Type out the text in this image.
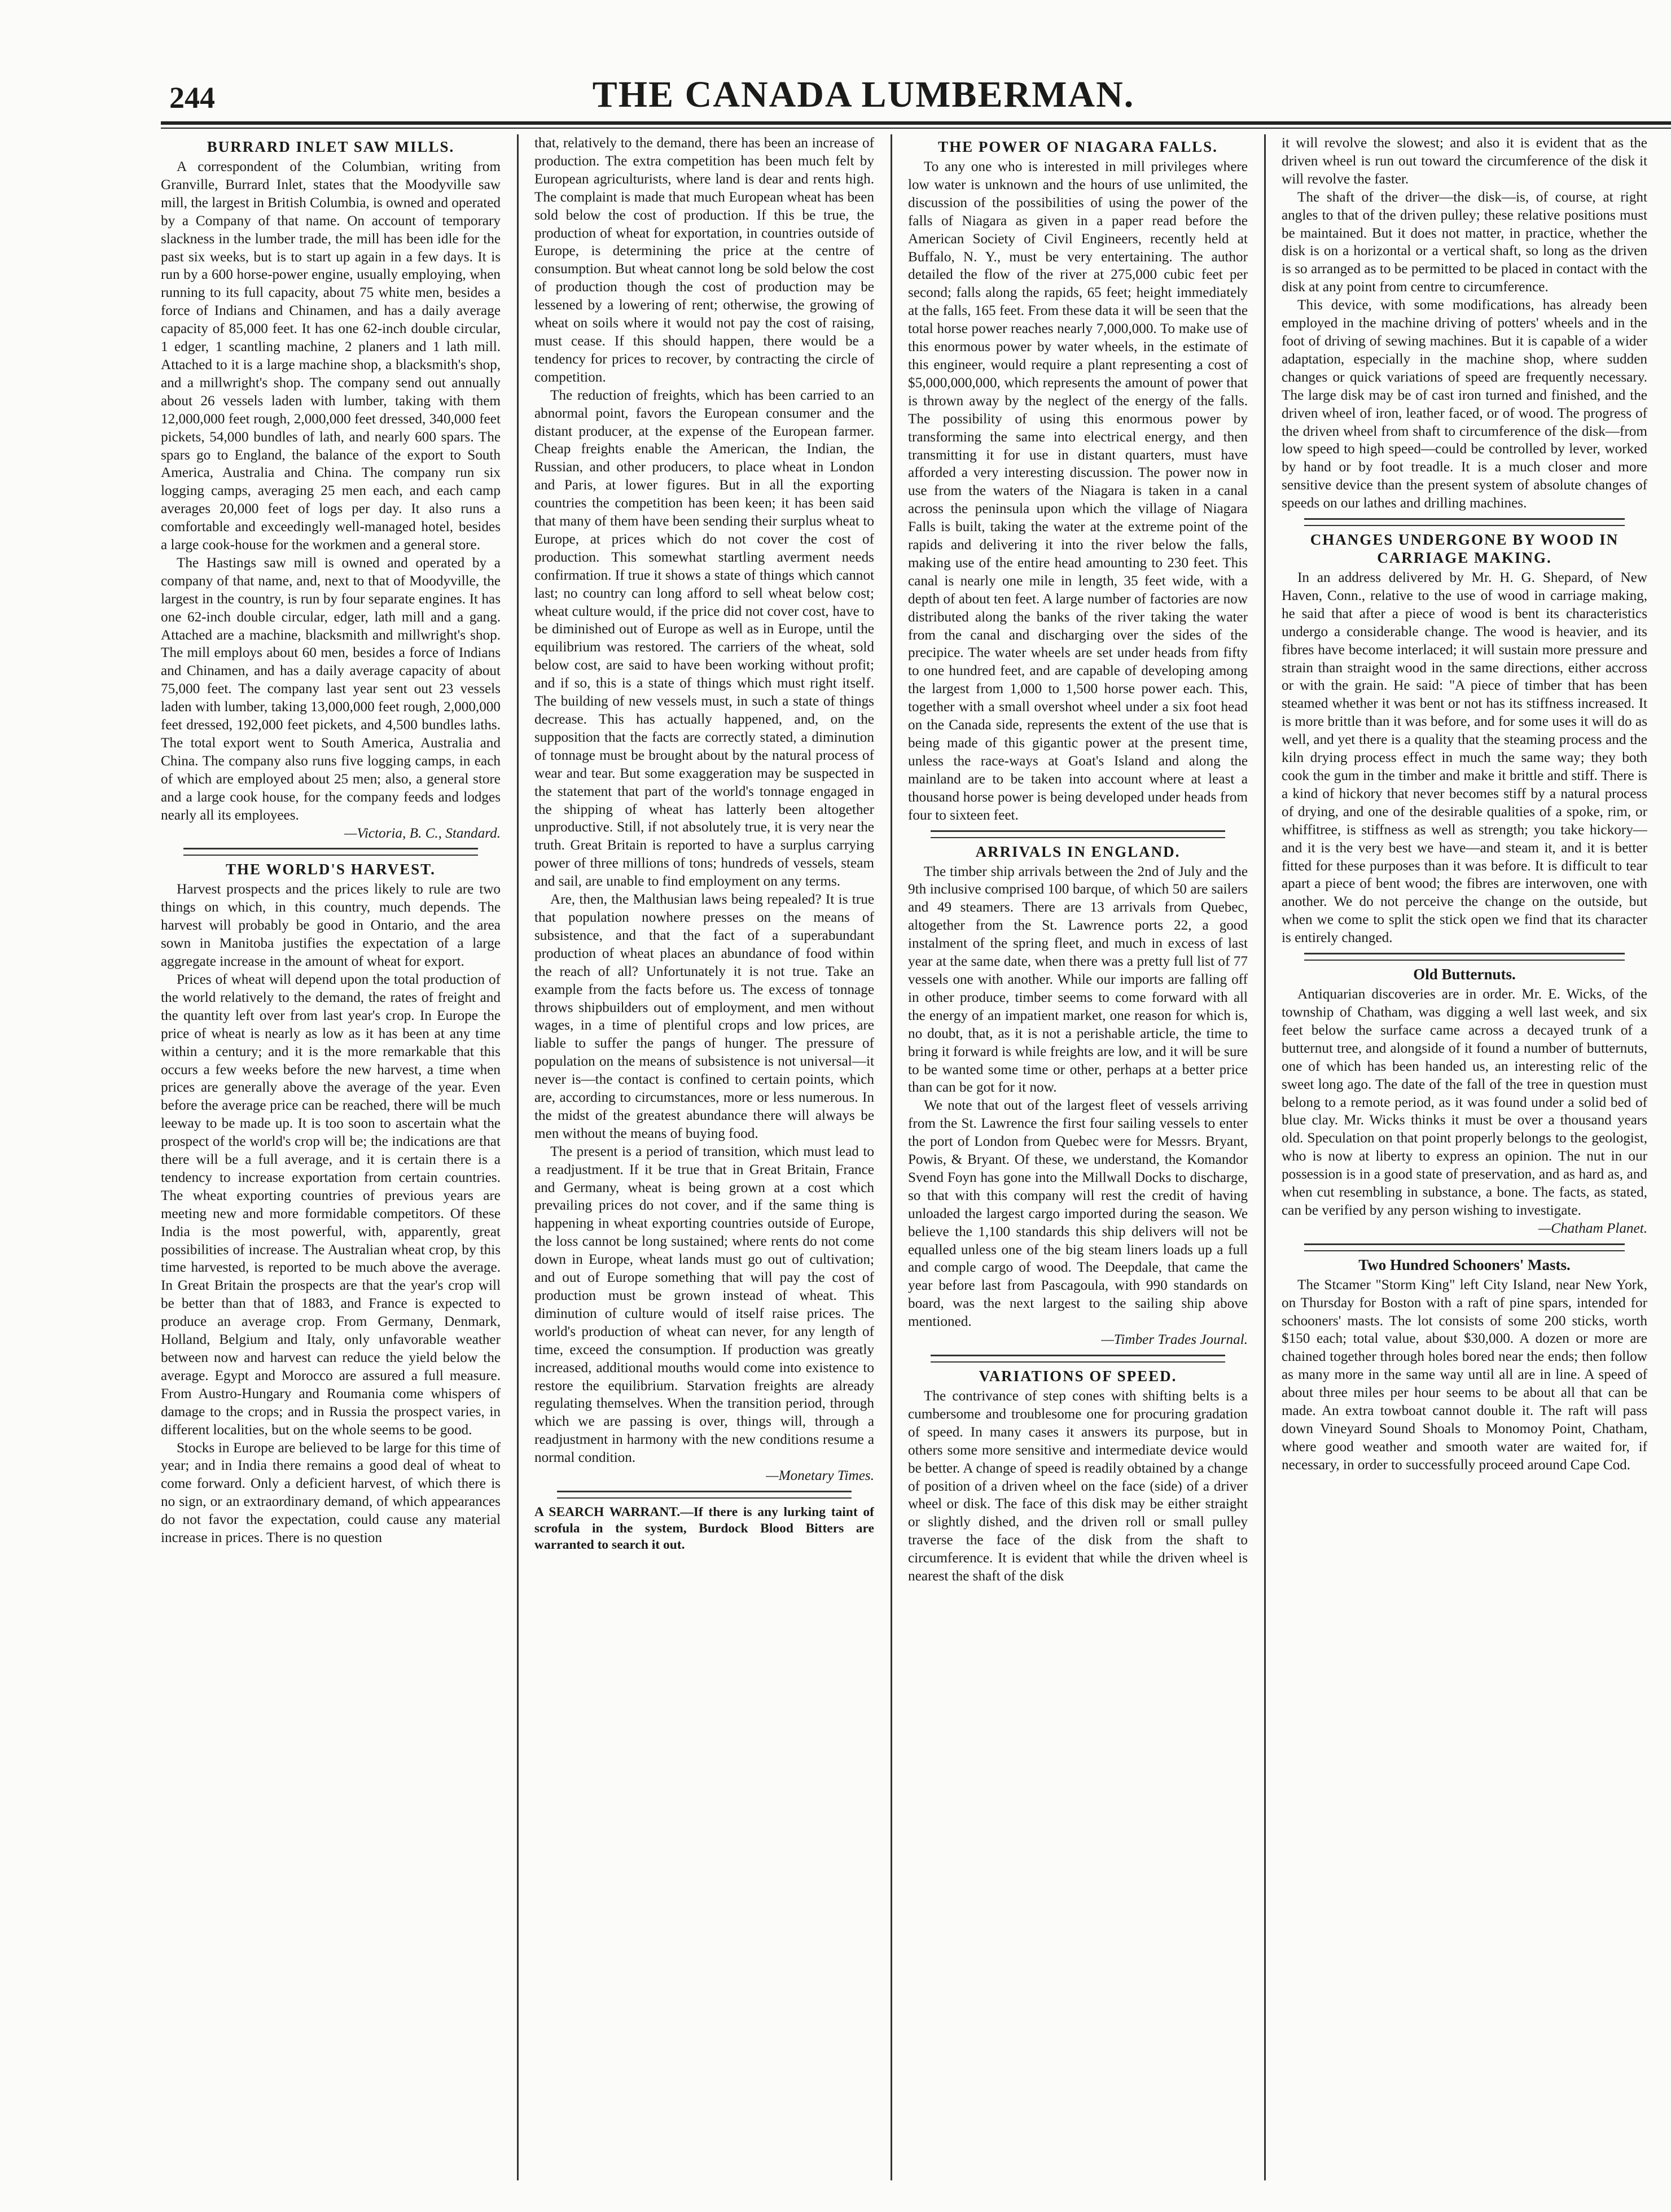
244	THE CANADA LUMBERMAN.
BURRARD INLET SAW MILLS.

A correspondent of the Columbian, writing from Granville, Burrard Inlet, states that the Moodyville saw mill, the largest in British Columbia, is owned and operated by a Company of that name. On account of temporary slackness in the lumber trade, the mill has been idle for the past six weeks, but is to start up again in a few days. It is run by a 600 horse-power engine, usually employing, when running to its full capacity, about 75 white men, besides a force of Indians and Chinamen, and has a daily average capacity of 85,000 feet. It has one 62-inch double circular, 1 edger, 1 scantling machine, 2 planers and 1 lath mill. Attached to it is a large machine shop, a blacksmith's shop, and a millwright's shop. The company send out annually about 26 vessels laden with lumber, taking with them 12,000,000 feet rough, 2,000,000 feet dressed, 340,000 feet pickets, 54,000 bundles of lath, and nearly 600 spars. The spars go to England, the balance of the export to South America, Australia and China. The company run six logging camps, averaging 25 men each, and each camp averages 20,000 feet of logs per day. It also runs a comfortable and exceedingly well-managed hotel, besides a large cook-house for the workmen and a general store.

The Hastings saw mill is owned and operated by a company of that name, and, next to that of Moodyville, the largest in the country, is run by four separate engines. It has one 62-inch double circular, edger, lath mill and a gang. Attached are a machine, blacksmith and millwright's shop. The mill employs about 60 men, besides a force of Indians and Chinamen, and has a daily average capacity of about 75,000 feet. The company last year sent out 23 vessels laden with lumber, taking 13,000,000 feet rough, 2,000,000 feet dressed, 192,000 feet pickets, and 4,500 bundles laths. The total export went to South America, Australia and China. The company also runs five logging camps, in each of which are employed about 25 men; also, a general store and a large cook house, for the company feeds and lodges nearly all its employees.

—Victoria, B. C., Standard.

THE WORLD'S HARVEST.

Harvest prospects and the prices likely to rule are two things on which, in this country, much depends. The harvest will probably be good in Ontario, and the area sown in Manitoba justifies the expectation of a large aggregate increase in the amount of wheat for export.

Prices of wheat will depend upon the total production of the world relatively to the demand, the rates of freight and the quantity left over from last year's crop. In Europe the price of wheat is nearly as low as it has been at any time within a century; and it is the more remarkable that this occurs a few weeks before the new harvest, a time when prices are generally above the average of the year. Even before the average price can be reached, there will be much leeway to be made up. It is too soon to ascertain what the prospect of the world's crop will be; the indications are that there will be a full average, and it is certain there is a tendency to increase exportation from certain countries. The wheat exporting countries of previous years are meeting new and more formidable competitors. Of these India is the most powerful, with, apparently, great possibilities of increase. The Australian wheat crop, by this time harvested, is reported to be much above the average. In Great Britain the prospects are that the year's crop will be better than that of 1883, and France is expected to produce an average crop. From Germany, Denmark, Holland, Belgium and Italy, only unfavorable weather between now and harvest can reduce the yield below the average. Egypt and Morocco are assured a full measure. From Austro-Hungary and Roumania come whispers of damage to the crops; and in Russia the prospect varies, in different localities, but on the whole seems to be good.

Stocks in Europe are believed to be large for this time of year; and in India there remains a good deal of wheat to come forward. Only a deficient harvest, of which there is no sign, or an extraordinary demand, of which appearances do not favor the expectation, could cause any material increase in prices. There is no question

that, relatively to the demand, there has been an increase of production. The extra competition has been much felt by European agriculturists, where land is dear and rents high. The complaint is made that much European wheat has been sold below the cost of production. If this be true, the production of wheat for exportation, in countries outside of Europe, is determining the price at the centre of consumption. But wheat cannot long be sold below the cost of production though the cost of production may be lessened by a lowering of rent; otherwise, the growing of wheat on soils where it would not pay the cost of raising, must cease. If this should happen, there would be a tendency for prices to recover, by contracting the circle of competition.

The reduction of freights, which has been carried to an abnormal point, favors the European consumer and the distant producer, at the expense of the European farmer. Cheap freights enable the American, the Indian, the Russian, and other producers, to place wheat in London and Paris, at lower figures. But in all the exporting countries the competition has been keen; it has been said that many of them have been sending their surplus wheat to Europe, at prices which do not cover the cost of production. This somewhat startling averment needs confirmation. If true it shows a state of things which cannot last; no country can long afford to sell wheat below cost; wheat culture would, if the price did not cover cost, have to be diminished out of Europe as well as in Europe, until the equilibrium was restored. The carriers of the wheat, sold below cost, are said to have been working without profit; and if so, this is a state of things which must right itself. The building of new vessels must, in such a state of things decrease. This has actually happened, and, on the supposition that the facts are correctly stated, a diminution of tonnage must be brought about by the natural process of wear and tear. But some exaggeration may be suspected in the statement that part of the world's tonnage engaged in the shipping of wheat has latterly been altogether unproductive. Still, if not absolutely true, it is very near the truth. Great Britain is reported to have a surplus carrying power of three millions of tons; hundreds of vessels, steam and sail, are unable to find employment on any terms.

Are, then, the Malthusian laws being repealed? It is true that population nowhere presses on the means of subsistence, and that the fact of a superabundant production of wheat places an abundance of food within the reach of all? Unfortunately it is not true. Take an example from the facts before us. The excess of tonnage throws shipbuilders out of employment, and men without wages, in a time of plentiful crops and low prices, are liable to suffer the pangs of hunger. The pressure of population on the means of subsistence is not universal—it never is—the contact is confined to certain points, which are, according to circumstances, more or less numerous. In the midst of the greatest abundance there will always be men without the means of buying food.

The present is a period of transition, which must lead to a readjustment. If it be true that in Great Britain, France and Germany, wheat is being grown at a cost which prevailing prices do not cover, and if the same thing is happening in wheat exporting countries outside of Europe, the loss cannot be long sustained; where rents do not come down in Europe, wheat lands must go out of cultivation; and out of Europe something that will pay the cost of production must be grown instead of wheat. This diminution of culture would of itself raise prices. The world's production of wheat can never, for any length of time, exceed the consumption. If production was greatly increased, additional mouths would come into existence to restore the equilibrium. Starvation freights are already regulating themselves. When the transition period, through which we are passing is over, things will, through a readjustment in harmony with the new conditions resume a normal condition.

—Monetary Times.

A SEARCH WARRANT.—If there is any lurking taint of scrofula in the system, Burdock Blood Bitters are warranted to search it out.
THE POWER OF NIAGARA FALLS.

To any one who is interested in mill privileges where low water is unknown and the hours of use unlimited, the discussion of the possibilities of using the power of the falls of Niagara as given in a paper read before the American Society of Civil Engineers, recently held at Buffalo, N. Y., must be very entertaining. The author detailed the flow of the river at 275,000 cubic feet per second; falls along the rapids, 65 feet; height immediately at the falls, 165 feet. From these data it will be seen that the total horse power reaches nearly 7,000,000. To make use of this enormous power by water wheels, in the estimate of this engineer, would require a plant representing a cost of $5,000,000,000, which represents the amount of power that is thrown away by the neglect of the energy of the falls. The possibility of using this enormous power by transforming the same into electrical energy, and then transmitting it for use in distant quarters, must have afforded a very interesting discussion. The power now in use from the waters of the Niagara is taken in a canal across the peninsula upon which the village of Niagara Falls is built, taking the water at the extreme point of the rapids and delivering it into the river below the falls, making use of the entire head amounting to 230 feet. This canal is nearly one mile in length, 35 feet wide, with a depth of about ten feet. A large number of factories are now distributed along the banks of the river taking the water from the canal and discharging over the sides of the precipice. The water wheels are set under heads from fifty to one hundred feet, and are capable of developing among the largest from 1,000 to 1,500 horse power each. This, together with a small overshot wheel under a six foot head on the Canada side, represents the extent of the use that is being made of this gigantic power at the present time, unless the race-ways at Goat's Island and along the mainland are to be taken into account where at least a thousand horse power is being developed under heads from four to sixteen feet.

ARRIVALS IN ENGLAND.

The timber ship arrivals between the 2nd of July and the 9th inclusive comprised 100 barque, of which 50 are sailers and 49 steamers. There are 13 arrivals from Quebec, altogether from the St. Lawrence ports 22, a good instalment of the spring fleet, and much in excess of last year at the same date, when there was a pretty full list of 77 vessels one with another. While our imports are falling off in other produce, timber seems to come forward with all the energy of an impatient market, one reason for which is, no doubt, that, as it is not a perishable article, the time to bring it forward is while freights are low, and it will be sure to be wanted some time or other, perhaps at a better price than can be got for it now.

We note that out of the largest fleet of vessels arriving from the St. Lawrence the first four sailing vessels to enter the port of London from Quebec were for Messrs. Bryant, Powis, & Bryant. Of these, we understand, the Komandor Svend Foyn has gone into the Millwall Docks to discharge, so that with this company will rest the credit of having unloaded the largest cargo imported during the season. We believe the 1,100 standards this ship delivers will not be equalled unless one of the big steam liners loads up a full and comple cargo of wood. The Deepdale, that came the year before last from Pascagoula, with 990 standards on board, was the next largest to the sailing ship above mentioned.

—Timber Trades Journal.

VARIATIONS OF SPEED.

The contrivance of step cones with shifting belts is a cumbersome and troublesome one for procuring gradation of speed. In many cases it answers its purpose, but in others some more sensitive and intermediate device would be better. A change of speed is readily obtained by a change of position of a driven wheel on the face (side) of a driver wheel or disk. The face of this disk may be either straight or slightly dished, and the driven roll or small pulley traverse the face of the disk from the shaft to circumference. It is evident that while the driven wheel is nearest the shaft of the disk

it will revolve the slowest; and also it is evident that as the driven wheel is run out toward the circumference of the disk it will revolve the faster.

The shaft of the driver—the disk—is, of course, at right angles to that of the driven pulley; these relative positions must be maintained. But it does not matter, in practice, whether the disk is on a horizontal or a vertical shaft, so long as the driven is so arranged as to be permitted to be placed in contact with the disk at any point from centre to circumference.

This device, with some modifications, has already been employed in the machine driving of potters' wheels and in the foot of driving of sewing machines. But it is capable of a wider adaptation, especially in the machine shop, where sudden changes or quick variations of speed are frequently necessary. The large disk may be of cast iron turned and finished, and the driven wheel of iron, leather faced, or of wood. The progress of the driven wheel from shaft to circumference of the disk—from low speed to high speed—could be controlled by lever, worked by hand or by foot treadle. It is a much closer and more sensitive device than the present system of absolute changes of speeds on our lathes and drilling machines.

CHANGES UNDERGONE BY WOOD IN CARRIAGE MAKING.

In an address delivered by Mr. H. G. Shepard, of New Haven, Conn., relative to the use of wood in carriage making, he said that after a piece of wood is bent its characteristics undergo a considerable change. The wood is heavier, and its fibres have become interlaced; it will sustain more pressure and strain than straight wood in the same directions, either accross or with the grain. He said: "A piece of timber that has been steamed whether it was bent or not has its stiffness increased. It is more brittle than it was before, and for some uses it will do as well, and yet there is a quality that the steaming process and the kiln drying process effect in much the same way; they both cook the gum in the timber and make it brittle and stiff. There is a kind of hickory that never becomes stiff by a natural process of drying, and one of the desirable qualities of a spoke, rim, or whiffitree, is stiffness as well as strength; you take hickory—and it is the very best we have—and steam it, and it is better fitted for these purposes than it was before. It is difficult to tear apart a piece of bent wood; the fibres are interwoven, one with another. We do not perceive the change on the outside, but when we come to split the stick open we find that its character is entirely changed.

Old Butternuts.

Antiquarian discoveries are in order. Mr. E. Wicks, of the township of Chatham, was digging a well last week, and six feet below the surface came across a decayed trunk of a butternut tree, and alongside of it found a number of butternuts, one of which has been handed us, an interesting relic of the sweet long ago. The date of the fall of the tree in question must belong to a remote period, as it was found under a solid bed of blue clay. Mr. Wicks thinks it must be over a thousand years old. Speculation on that point properly belongs to the geologist, who is now at liberty to express an opinion. The nut in our possession is in a good state of preservation, and as hard as, and when cut resembling in substance, a bone. The facts, as stated, can be verified by any person wishing to investigate.

—Chatham Planet.

Two Hundred Schooners' Masts.

The Stcamer "Storm King" left City Island, near New York, on Thursday for Boston with a raft of pine spars, intended for schooners' masts. The lot consists of some 200 sticks, worth $150 each; total value, about $30,000. A dozen or more are chained together through holes bored near the ends; then follow as many more in the same way until all are in line. A speed of about three miles per hour seems to be about all that can be made. An extra towboat cannot double it. The raft will pass down Vineyard Sound Shoals to Monomoy Point, Chatham, where good weather and smooth water are waited for, if necessary, in order to successfully proceed around Cape Cod.
